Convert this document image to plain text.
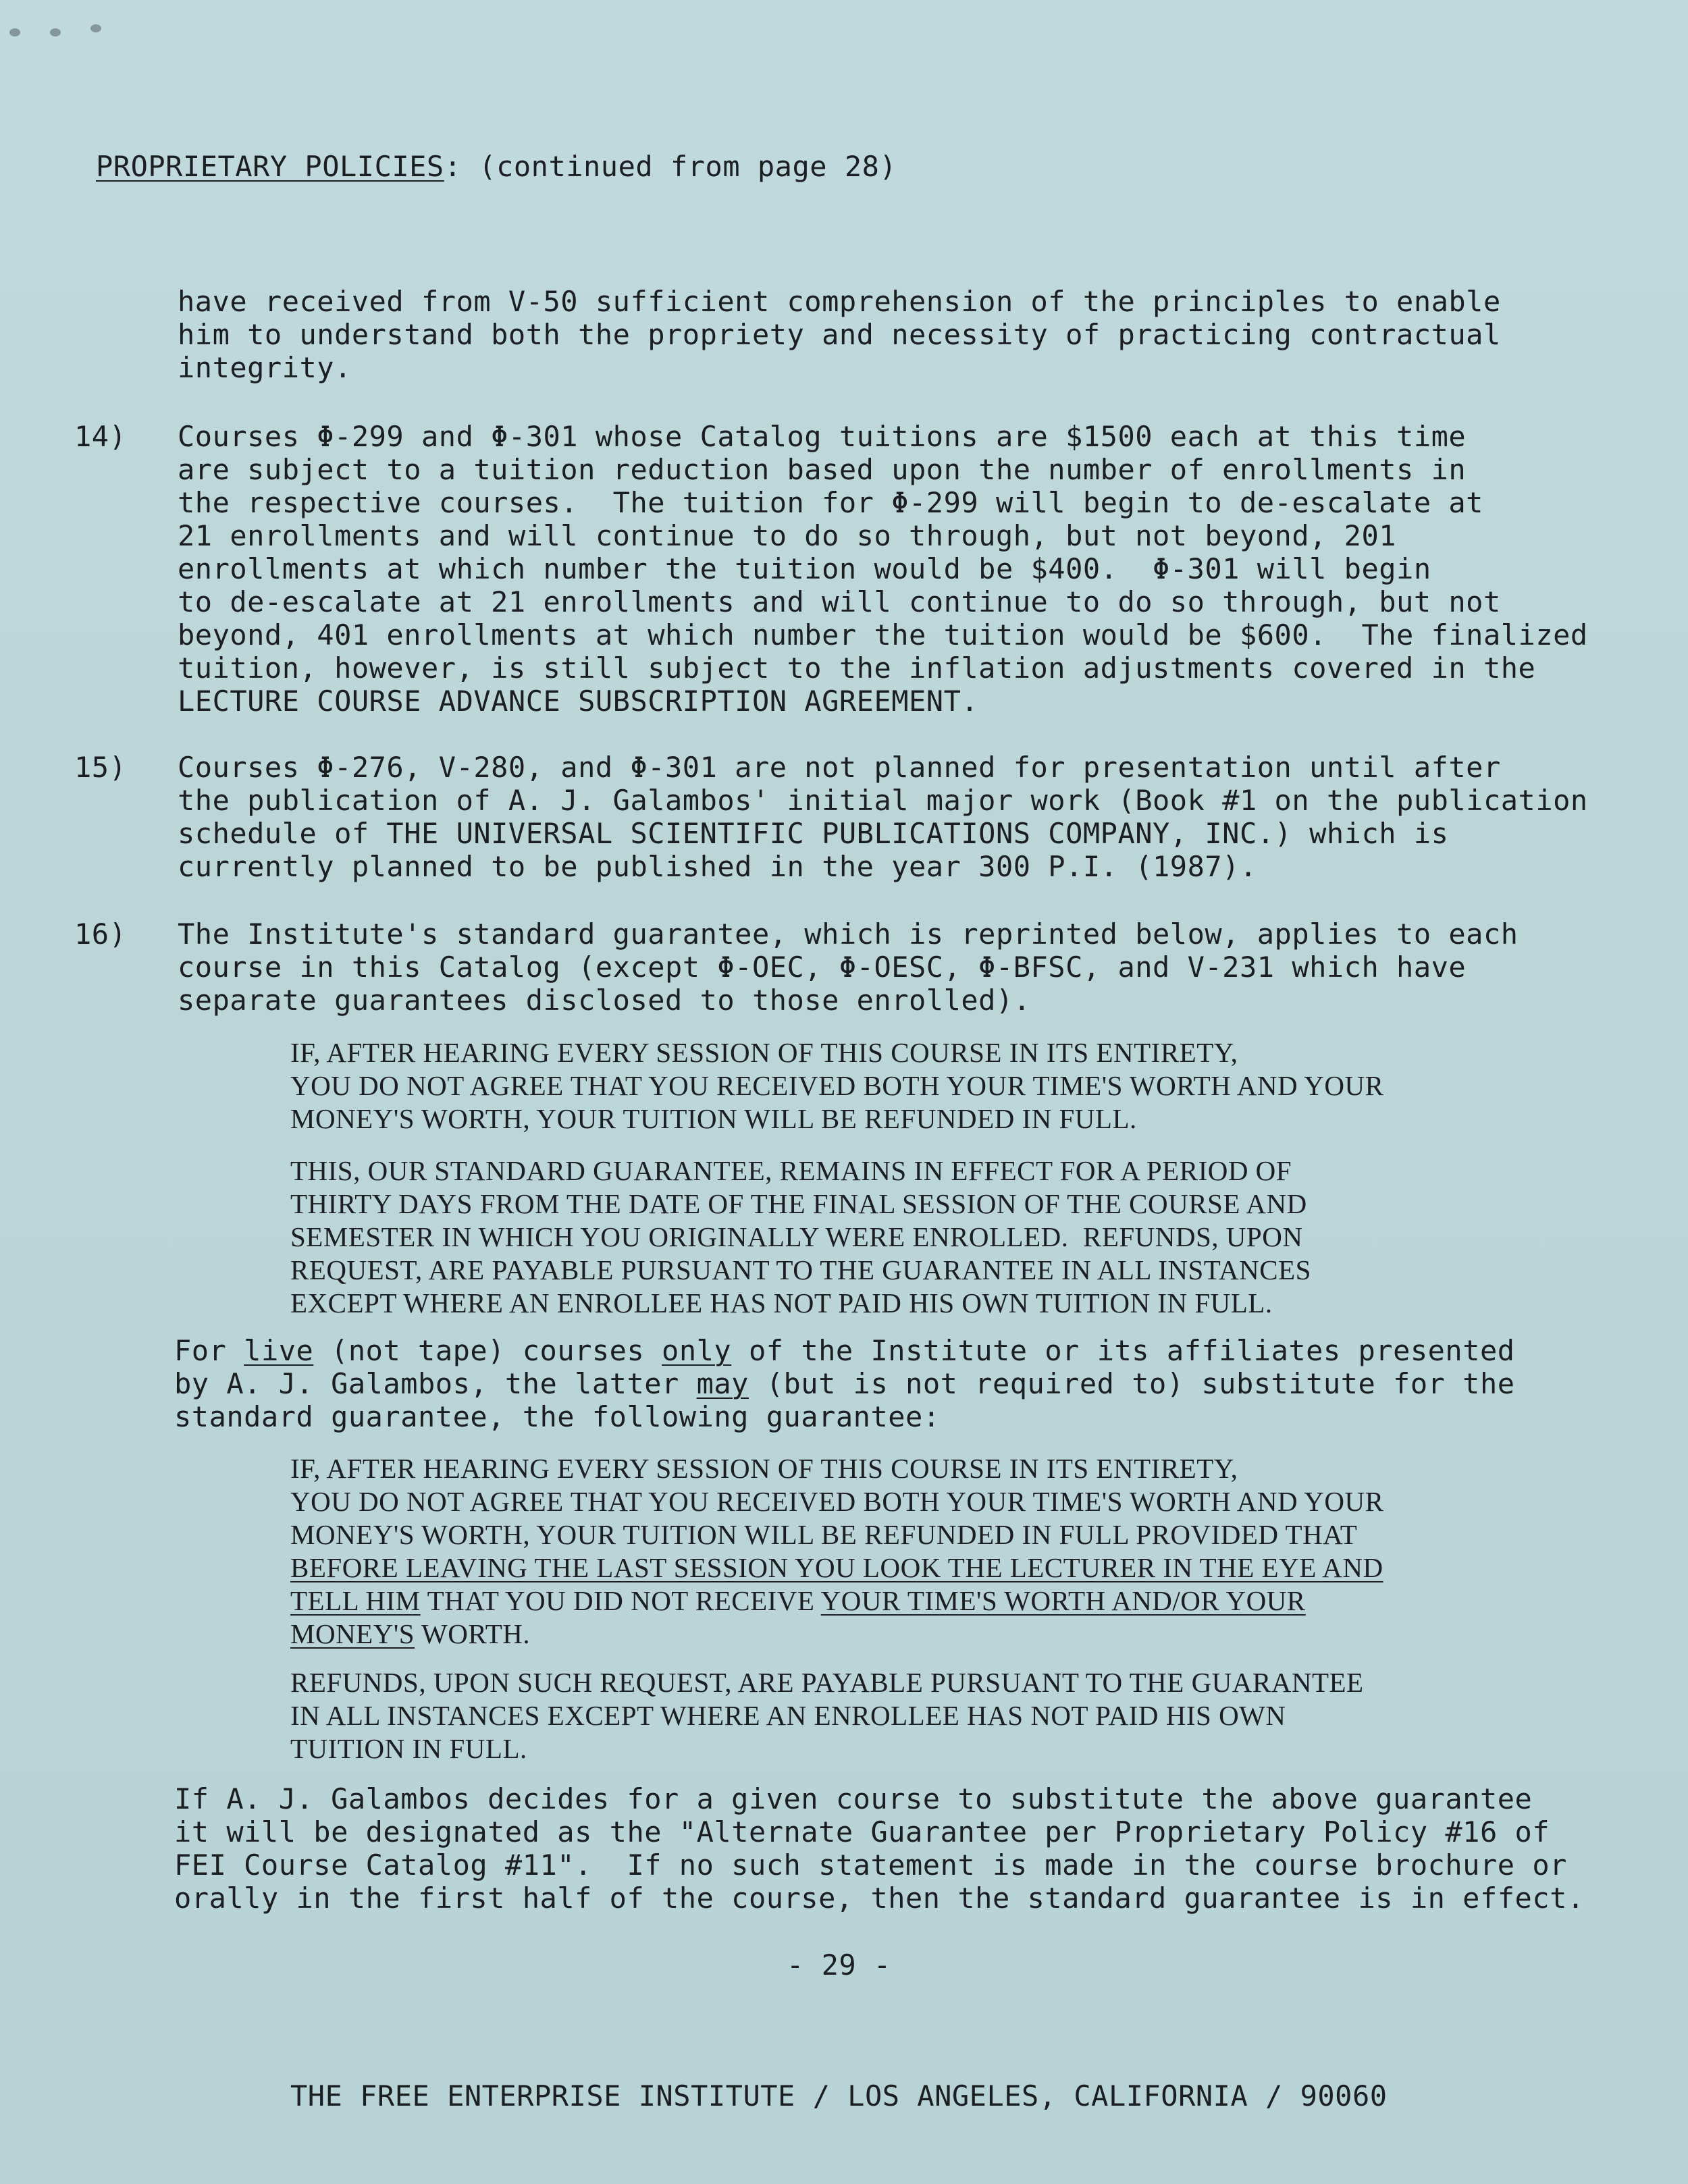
PROPRIETARY POLICIES: (continued from page 28)
have received from V-50 sufficient comprehension of the principles to enable
him to understand both the propriety and necessity of practicing contractual
integrity.
14) Courses Φ-299 and Φ-301 whose Catalog tuitions are $1500 each at this time
are subject to a tuition reduction based upon the number of enrollments in
the respective courses.  The tuition for Φ-299 will begin to de-escalate at
21 enrollments and will continue to do so through, but not beyond, 201
enrollments at which number the tuition would be $400.  Φ-301 will begin
to de-escalate at 21 enrollments and will continue to do so through, but not
beyond, 401 enrollments at which number the tuition would be $600.  The finalized
tuition, however, is still subject to the inflation adjustments covered in the
LECTURE COURSE ADVANCE SUBSCRIPTION AGREEMENT.
15) Courses Φ-276, V-280, and Φ-301 are not planned for presentation until after
the publication of A. J. Galambos' initial major work (Book #1 on the publication
schedule of THE UNIVERSAL SCIENTIFIC PUBLICATIONS COMPANY, INC.) which is
currently planned to be published in the year 300 P.I. (1987).
16) The Institute's standard guarantee, which is reprinted below, applies to each
course in this Catalog (except Φ-OEC, Φ-OESC, Φ-BFSC, and V-231 which have
separate guarantees disclosed to those enrolled).
IF, AFTER HEARING EVERY SESSION OF THIS COURSE IN ITS ENTIRETY,
YOU DO NOT AGREE THAT YOU RECEIVED BOTH YOUR TIME'S WORTH AND YOUR
MONEY'S WORTH, YOUR TUITION WILL BE REFUNDED IN FULL.
THIS, OUR STANDARD GUARANTEE, REMAINS IN EFFECT FOR A PERIOD OF
THIRTY DAYS FROM THE DATE OF THE FINAL SESSION OF THE COURSE AND
SEMESTER IN WHICH YOU ORIGINALLY WERE ENROLLED.  REFUNDS, UPON
REQUEST, ARE PAYABLE PURSUANT TO THE GUARANTEE IN ALL INSTANCES
EXCEPT WHERE AN ENROLLEE HAS NOT PAID HIS OWN TUITION IN FULL.
For live (not tape) courses only of the Institute or its affiliates presented
by A. J. Galambos, the latter may (but is not required to) substitute for the
standard guarantee, the following guarantee:
IF, AFTER HEARING EVERY SESSION OF THIS COURSE IN ITS ENTIRETY,
YOU DO NOT AGREE THAT YOU RECEIVED BOTH YOUR TIME'S WORTH AND YOUR
MONEY'S WORTH, YOUR TUITION WILL BE REFUNDED IN FULL PROVIDED THAT
BEFORE LEAVING THE LAST SESSION YOU LOOK THE LECTURER IN THE EYE AND
TELL HIM THAT YOU DID NOT RECEIVE YOUR TIME'S WORTH AND/OR YOUR
MONEY'S WORTH.
REFUNDS, UPON SUCH REQUEST, ARE PAYABLE PURSUANT TO THE GUARANTEE
IN ALL INSTANCES EXCEPT WHERE AN ENROLLEE HAS NOT PAID HIS OWN
TUITION IN FULL.
If A. J. Galambos decides for a given course to substitute the above guarantee
it will be designated as the "Alternate Guarantee per Proprietary Policy #16 of
FEI Course Catalog #11".  If no such statement is made in the course brochure or
orally in the first half of the course, then the standard guarantee is in effect.
- 29 -
THE FREE ENTERPRISE INSTITUTE / LOS ANGELES, CALIFORNIA / 90060
